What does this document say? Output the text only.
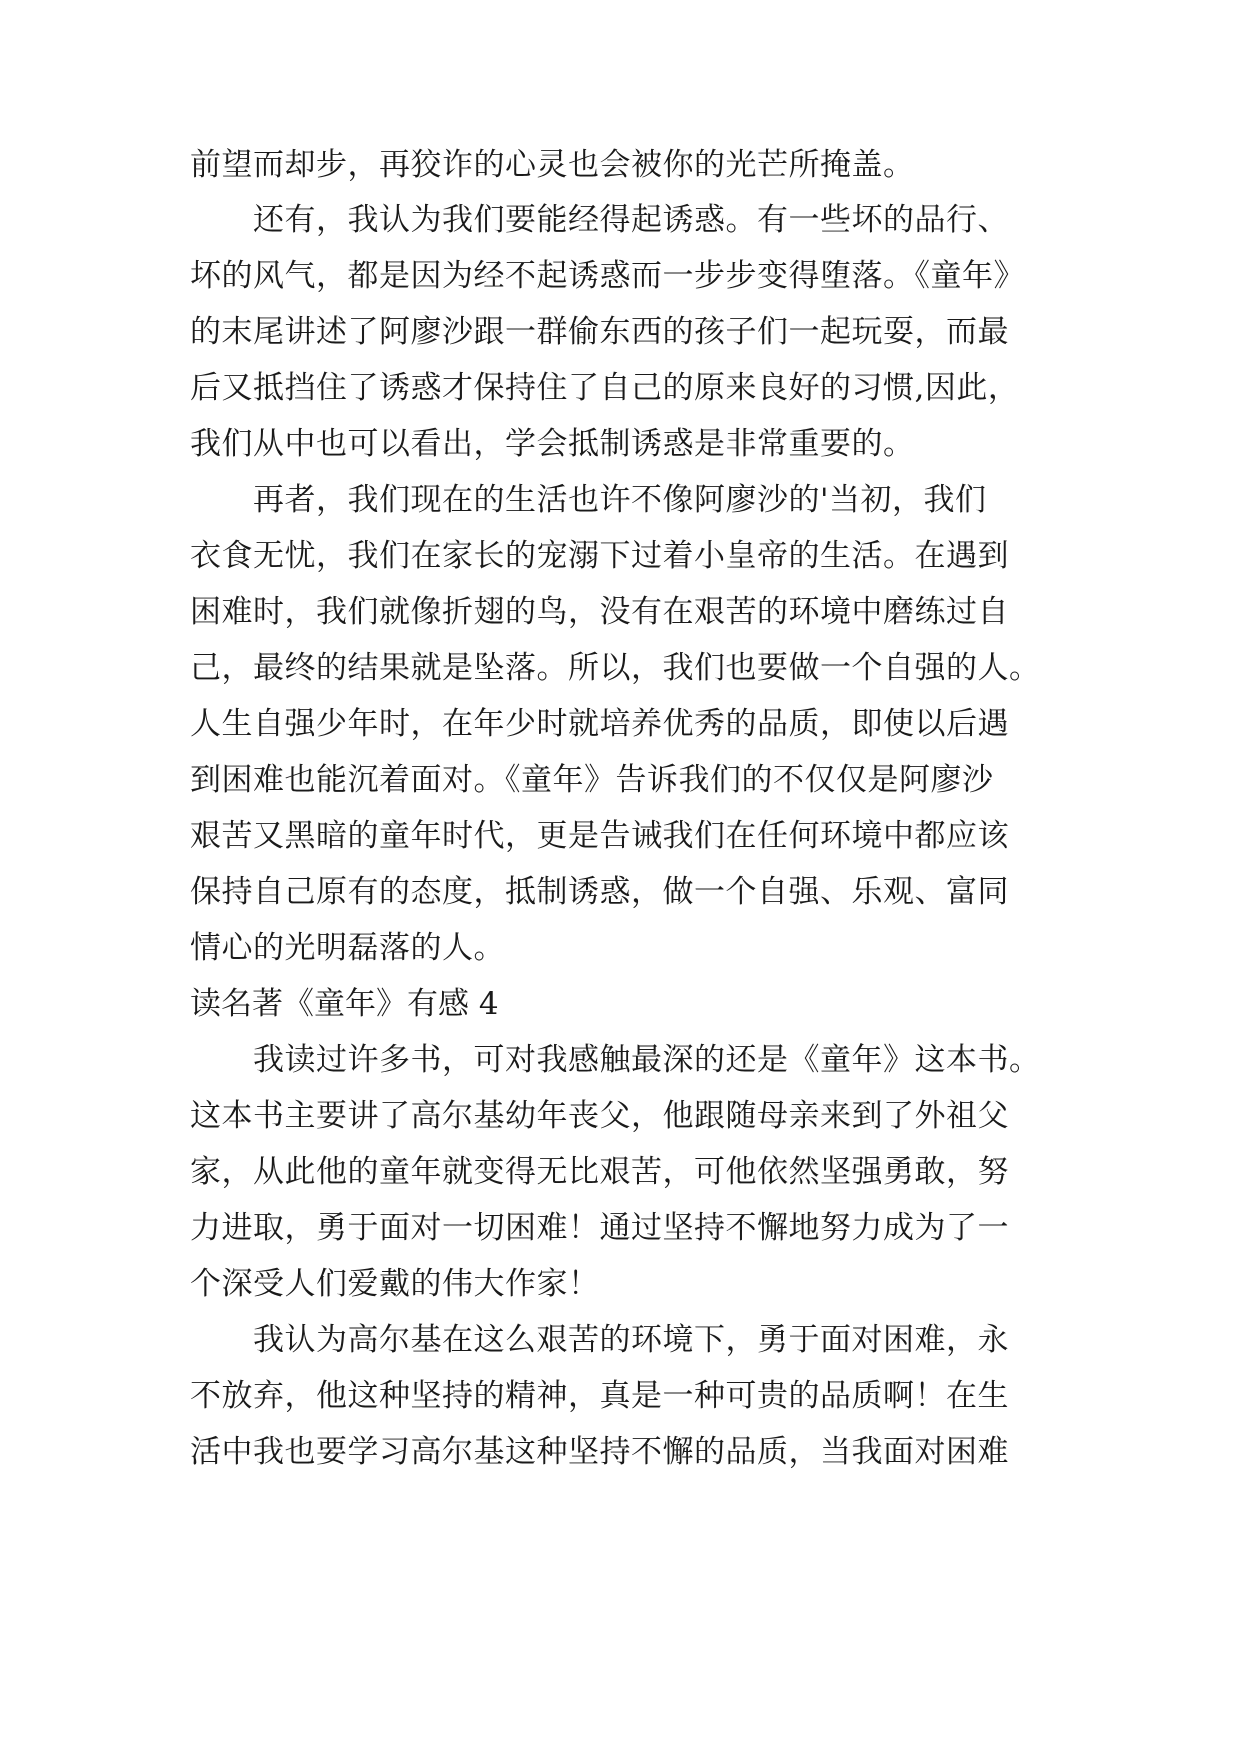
前望而却步，再狡诈的心灵也会被你的光芒所掩盖。
　　还有，我认为我们要能经得起诱惑。有一些坏的品行、
坏的风气，都是因为经不起诱惑而一步步变得堕落。《童年》
的末尾讲述了阿廖沙跟一群偷东西的孩子们一起玩耍，而最
后又抵挡住了诱惑才保持住了自己的原来良好的习惯,因此，
我们从中也可以看出，学会抵制诱惑是非常重要的。
　　再者，我们现在的生活也许不像阿廖沙的'当初，我们
衣食无忧，我们在家长的宠溺下过着小皇帝的生活。在遇到
困难时，我们就像折翅的鸟，没有在艰苦的环境中磨练过自
己，最终的结果就是坠落。所以，我们也要做一个自强的人。
人生自强少年时，在年少时就培养优秀的品质，即使以后遇
到困难也能沉着面对。《童年》告诉我们的不仅仅是阿廖沙
艰苦又黑暗的童年时代，更是告诫我们在任何环境中都应该
保持自己原有的态度，抵制诱惑，做一个自强、乐观、富同
情心的光明磊落的人。
读名著《童年》有感 4
　　我读过许多书，可对我感触最深的还是《童年》这本书。
这本书主要讲了高尔基幼年丧父，他跟随母亲来到了外祖父
家，从此他的童年就变得无比艰苦，可他依然坚强勇敢，努
力进取，勇于面对一切困难！通过坚持不懈地努力成为了一
个深受人们爱戴的伟大作家！
　　我认为高尔基在这么艰苦的环境下，勇于面对困难，永
不放弃，他这种坚持的精神，真是一种可贵的品质啊！在生
活中我也要学习高尔基这种坚持不懈的品质，当我面对困难
